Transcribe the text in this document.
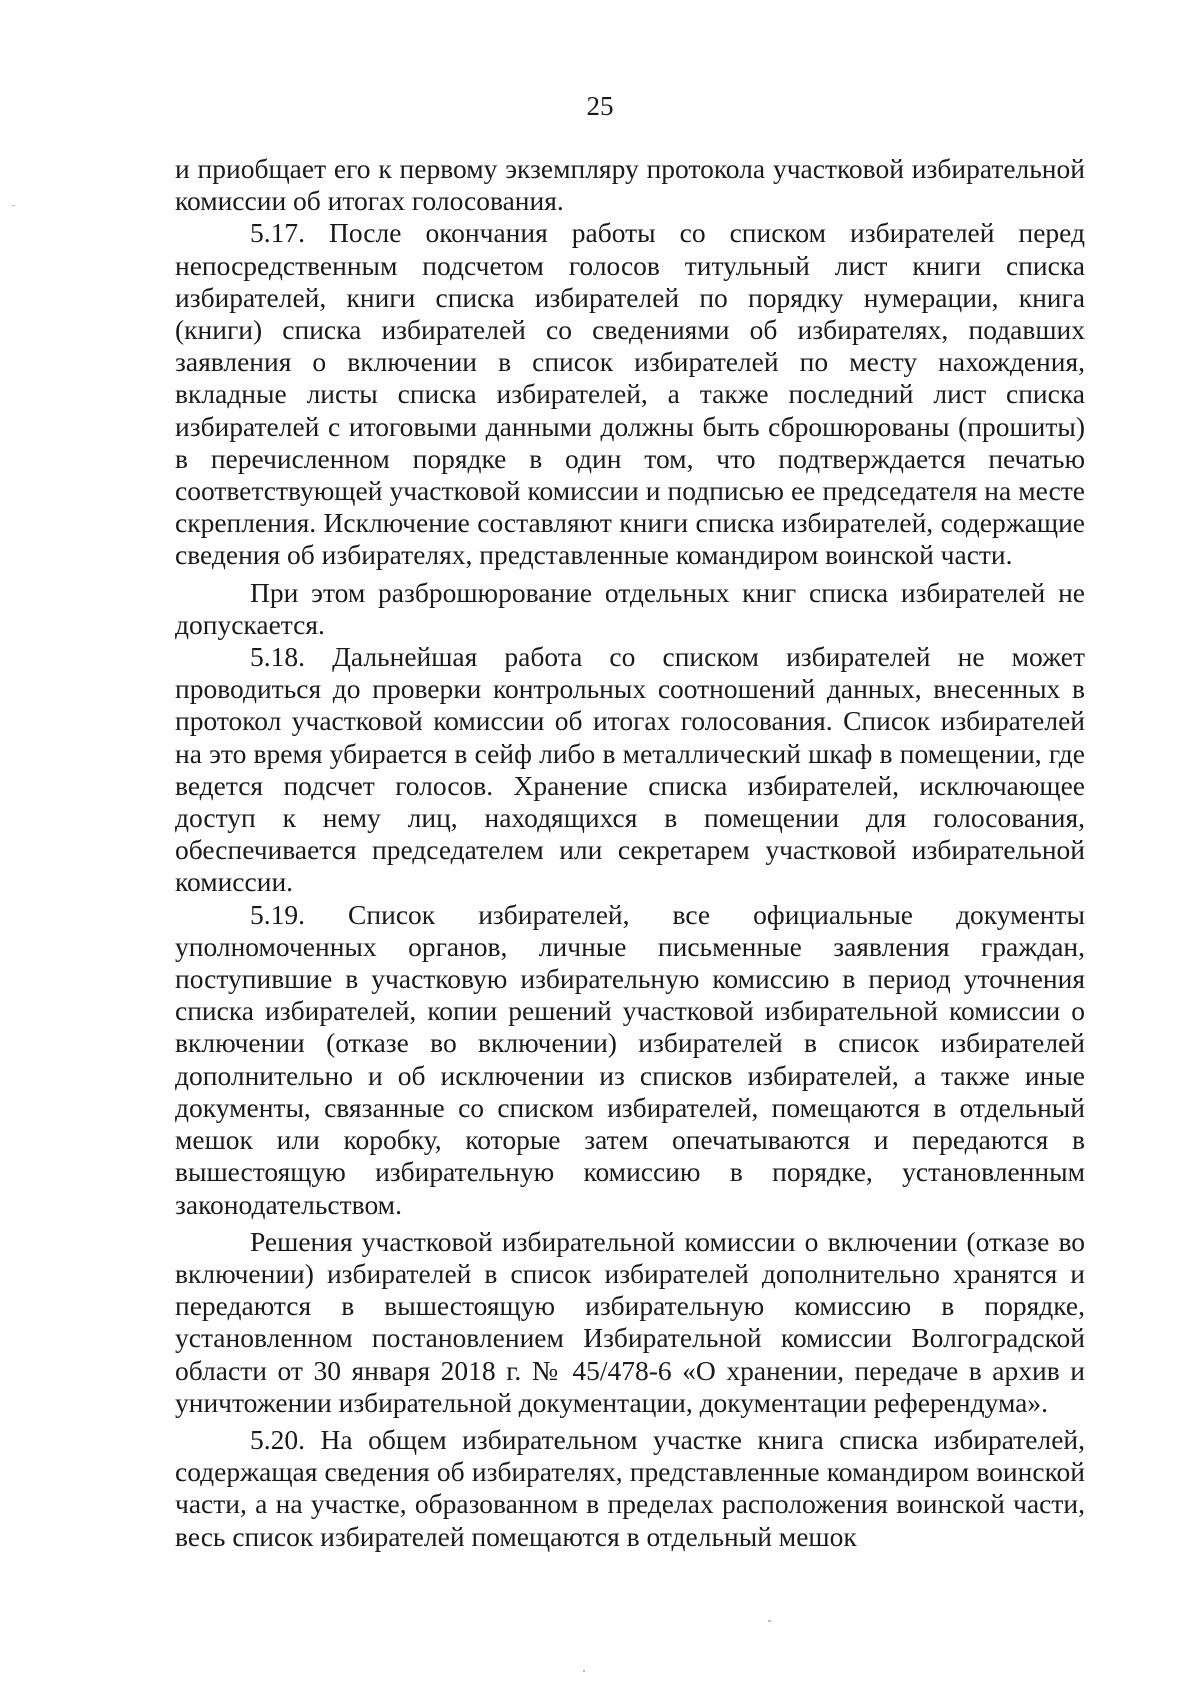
25

и приобщает его к первому экземпляру протокола участковой избирательной комиссии об итогах голосования.

5.17. После окончания работы со списком избирателей перед непосредственным подсчетом голосов титульный лист книги списка избирателей, книги списка избирателей по порядку нумерации, книга (книги) списка избирателей со сведениями об избирателях, подавших заявления о включении в список избирателей по месту нахождения, вкладные листы списка избирателей, а также последний лист списка избирателей с итоговыми данными должны быть сброшюрованы (прошиты) в перечисленном порядке в один том, что подтверждается печатью соответствующей участковой комиссии и подписью ее председателя на месте скрепления. Исключение составляют книги списка избирателей, содержащие сведения об избирателях, представленные командиром воинской части.

При этом разброшюрование отдельных книг списка избирателей не допускается.

5.18. Дальнейшая работа со списком избирателей не может проводиться до проверки контрольных соотношений данных, внесенных в протокол участковой комиссии об итогах голосования. Список избирателей на это время убирается в сейф либо в металлический шкаф в помещении, где ведется подсчет голосов. Хранение списка избирателей, исключающее доступ к нему лиц, находящихся в помещении для голосования, обеспечивается председателем или секретарем участковой избирательной комиссии.

5.19. Список избирателей, все официальные документы уполномоченных органов, личные письменные заявления граждан, поступившие в участковую избирательную комиссию в период уточнения списка избирателей, копии решений участковой избирательной комиссии о включении (отказе во включении) избирателей в список избирателей дополнительно и об исключении из списков избирателей, а также иные документы, связанные со списком избирателей, помещаются в отдельный мешок или коробку, которые затем опечатываются и передаются в вышестоящую избирательную комиссию в порядке, установленным законодательством.

Решения участковой избирательной комиссии о включении (отказе во включении) избирателей в список избирателей дополнительно хранятся и передаются в вышестоящую избирательную комиссию в порядке, установленном постановлением Избирательной комиссии Волгоградской области от 30 января 2018 г. № 45/478-6 «О хранении, передаче в архив и уничтожении избирательной документации, документации референдума».

5.20. На общем избирательном участке книга списка избирателей, содержащая сведения об избирателях, представленные командиром воинской части, а на участке, образованном в пределах расположения воинской части, весь список избирателей помещаются в отдельный мешок
